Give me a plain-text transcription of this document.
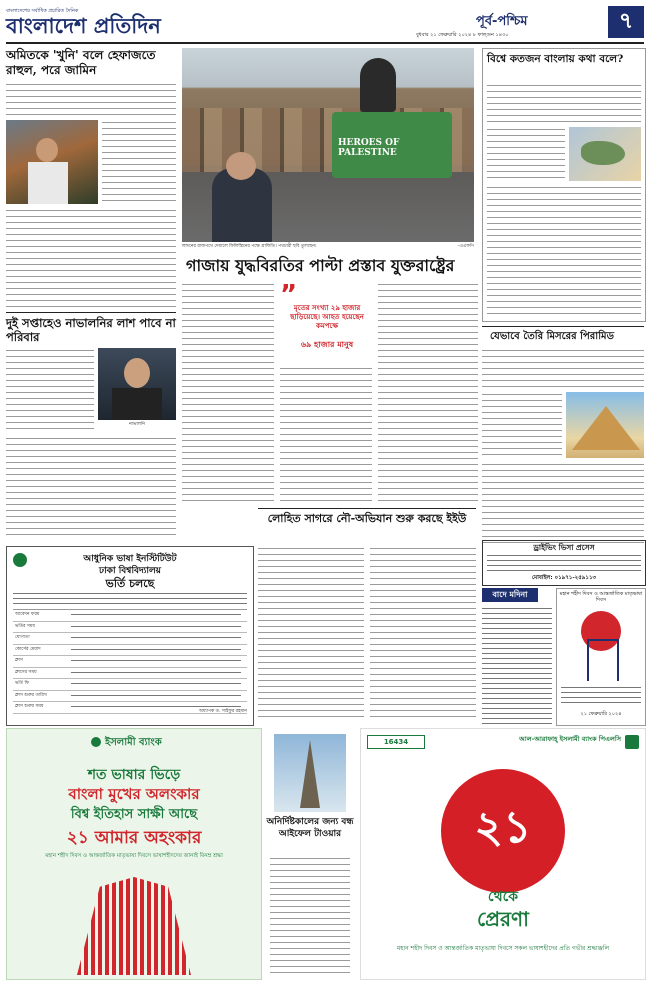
বাংলাদেশের সর্বাধিক প্রচারিত দৈনিক
বাংলাদেশ প্রতিদিন	পূর্ব-পশ্চিম
বুধবার ২১ ফেব্রুয়ারি ২০২৪ ৮ ফাল্গুন ১৪৩০
৭
অমিতকে 'খুনি' বলে হেফাজতে রাহুল, পরে জামিন
দুই সপ্তাহেও নাভালনির লাশ পাবে না পরিবার
নাভালনি
HEROES OF PALESTINE
লন্ডনের রাজপথে দেয়ালে ফিলিস্তিনের পক্ষে গ্রাফিতি। পথচারী ছবি তুলছেন।	-এএফপি
গাজায় যুদ্ধবিরতির পাল্টা প্রস্তাব যুক্তরাষ্ট্রের
”
মৃতের সংখ্যা ২৯ হাজার ছাড়িয়েছে। আহত হয়েছেন কমপক্ষে
৬৯ হাজার মানুষ
বিশ্বে কতজন বাংলায় কথা বলে?
যেভাবে তৈরি মিসরের পিরামিড
আধুনিক ভাষা ইনস্টিটিউট
ঢাকা বিশ্ববিদ্যালয়
ভর্তি চলছে
আবেদন ফরম
ভর্তির সময়
যোগ্যতা
কোর্সের মেয়াদ
ক্লাস
ক্লাসের সময়
ভর্তি ফি
ক্লাস শুরুর তারিখ
ক্লাস শুরুর সময়
অধ্যাপক ড. সাইফুর রহমান
লোহিত সাগরে নৌ-অভিযান শুরু করছে ইইউ
ড্রাইভিং ভিসা প্রসেস
মোবাইল: ০১৯৭১-২৫৯১১৩
বাদে মদিনা	মহান শহীদ দিবস ও আন্তর্জাতিক মাতৃভাষা দিবস
২১ ফেব্রুয়ারি ২০২৪
ইসলামী ব্যাংক
শত ভাষার ভিড়ে
বাংলা মুখের অলংকার
বিশ্ব ইতিহাস সাক্ষী আছে
২১ আমার অহংকার
মহান শহীদ দিবস ও আন্তর্জাতিক মাতৃভাষা দিবসে ভাষাশহীদদের জানাই বিনম্র শ্রদ্ধা
অনির্দিষ্টকালের জন্য বন্ধ আইফেল টাওয়ার
16434	আল-আরাফাহ্ ইসলামী ব্যাংক পিএলসি
২১
থেকে
প্রেরণা
মহান শহীদ দিবস ও আন্তর্জাতিক মাতৃভাষা দিবসে সকল ভাষাশহীদের প্রতি গভীর শ্রদ্ধাঞ্জলি
